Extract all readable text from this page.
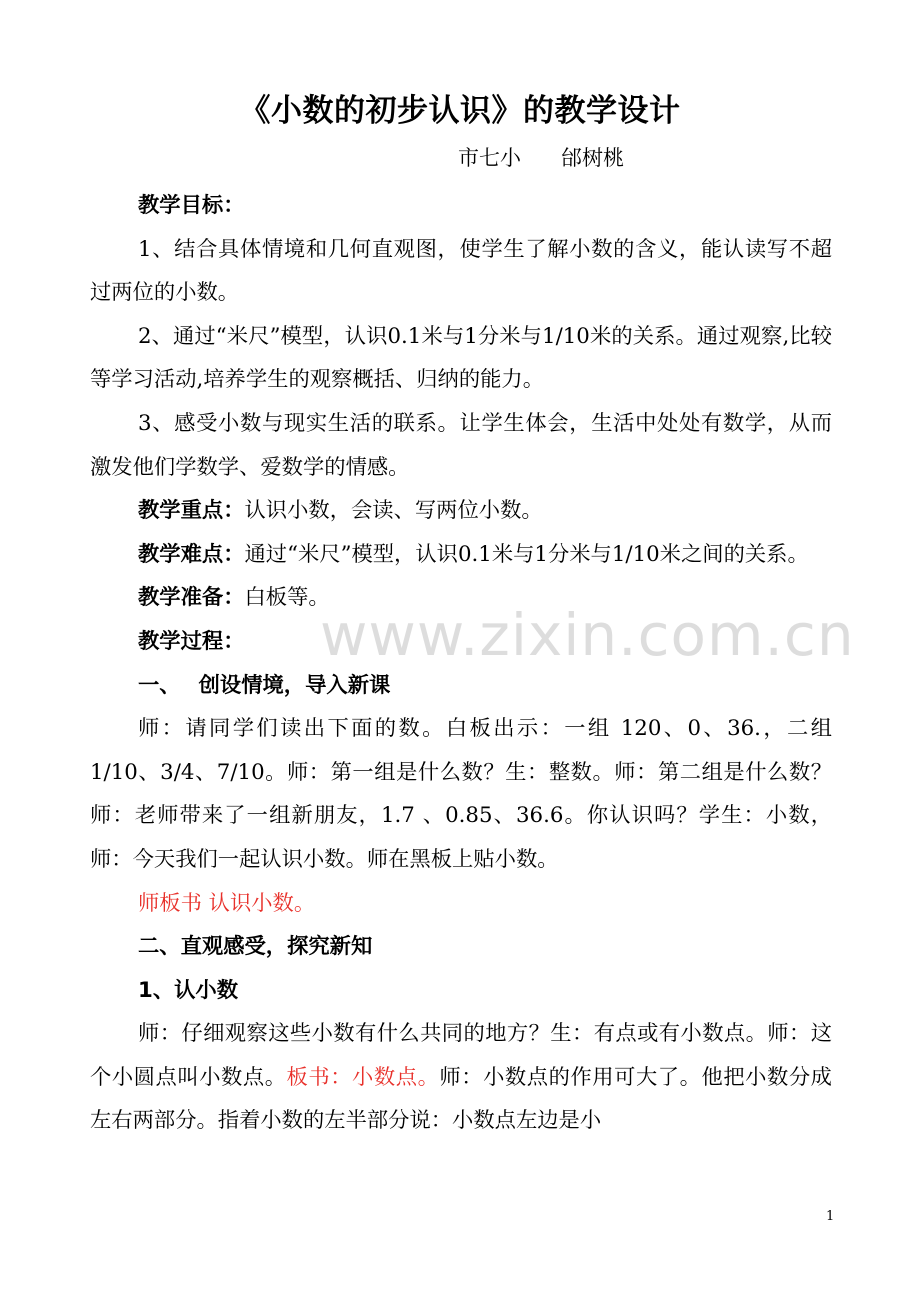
《小数的初步认识》的教学设计
市七小 邰树桃

教学目标：

1、结合具体情境和几何直观图，使学生了解小数的含义，能认读写不超过两位的小数。

2、通过“米尺”模型，认识0.1米与1分米与1/10米的关系。通过观察,比较等学习活动,培养学生的观察概括、归纳的能力。

3、感受小数与现实生活的联系。让学生体会，生活中处处有数学，从而激发他们学数学、爱数学的情感。

教学重点：认识小数，会读、写两位小数。

教学难点：通过“米尺”模型，认识0.1米与1分米与1/10米之间的关系。

教学准备：白板等。

教学过程：

一、 创设情境，导入新课

师：请同学们读出下面的数。白板出示：一组 120、0、36.，二组1/10、3/4、7/10。师：第一组是什么数？生：整数。师：第二组是什么数？师：老师带来了一组新朋友，1.7 、0.85、36.6。你认识吗？学生：小数，师：今天我们一起认识小数。师在黑板上贴小数。

师板书 认识小数。

二、直观感受，探究新知

1、认小数

师：仔细观察这些小数有什么共同的地方？生：有点或有小数点。师：这个小圆点叫小数点。板书：小数点。师：小数点的作用可大了。他把小数分成左右两部分。指着小数的左半部分说：小数点左边是小

www.zixin.com.cn
1
